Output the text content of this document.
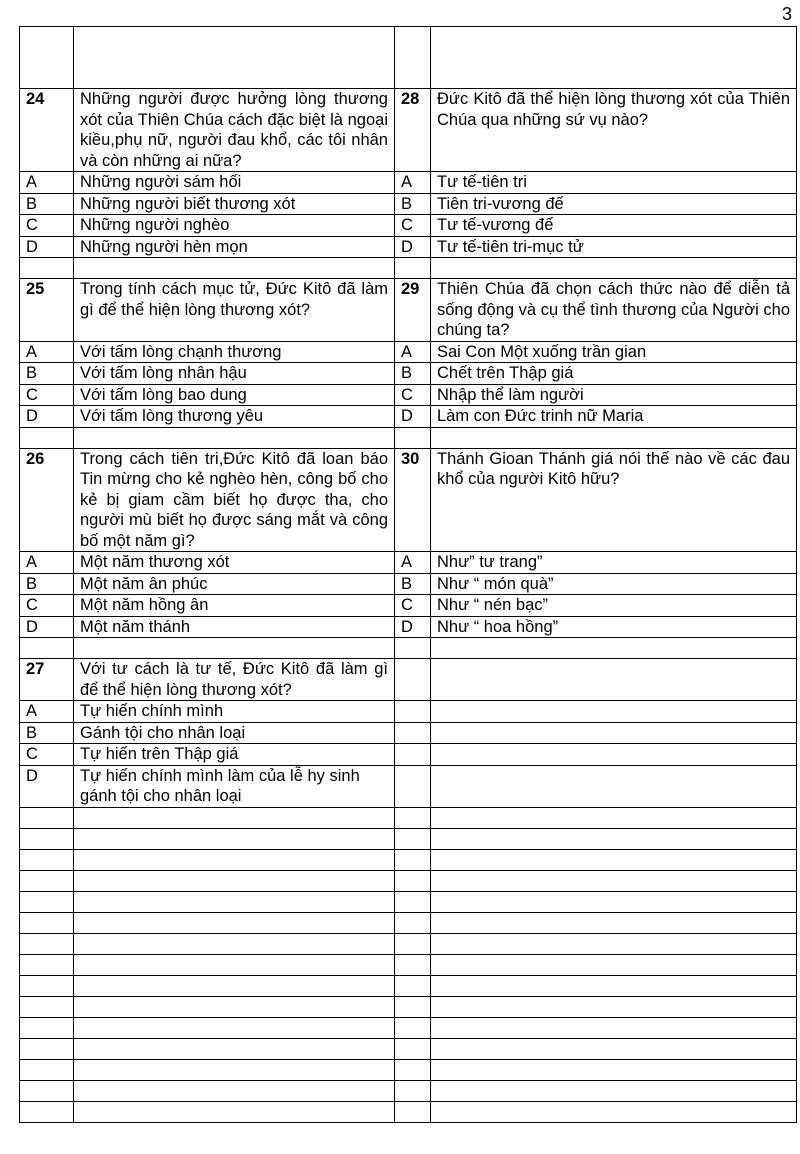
3

24	Những người được hưởng lòng thương xót của Thiên Chúa cách đặc biệt là ngoại kiều,phụ nữ, người đau khổ, các tôi nhân và còn những ai nữa?	28	Đức Kitô đã thể hiện lòng thương xót của Thiên Chúa qua những sứ vụ nào?
A	Những người sám hối	A	Tư tế-tiên tri
B	Những người biết thương xót	B	Tiên tri-vương đế
C	Những người nghèo	C	Tư tế-vương đế
D	Những người hèn mọn	D	Tư tế-tiên tri-mục tử

25	Trong tính cách mục tử, Đức Kitô đã làm gì để thể hiện lòng thương xót?	29	Thiên Chúa đã chọn cách thức nào để diễn tả sống động và cụ thể tình thương của Người cho chúng ta?
A	Với tấm lòng chạnh thương	A	Sai Con Một xuống trần gian
B	Với tấm lòng nhân hậu	B	Chết trên Thập giá
C	Với tấm lòng bao dung	C	Nhập thể làm người
D	Với tấm lòng thương yêu	D	Làm con Đức trinh nữ Maria

26	Trong cách tiên tri,Đức Kitô đã loan báo Tin mừng cho kẻ nghèo hèn, công bố cho kẻ bị giam cầm biết họ được tha, cho người mù biết họ được sáng mắt và công bố một năm gì?	30	Thánh Gioan Thánh giá nói thế nào về các đau khổ của người Kitô hữu?
A	Một năm thương xót	A	Như” tư trang”
B	Một năm ân phúc	B	Như “ món quà”
C	Một năm hồng ân	C	Như “ nén bạc”
D	Một năm thánh	D	Như “ hoa hồng”

27	Với tư cách là tư tế, Đức Kitô đã làm gì để thể hiện lòng thương xót?		
A	Tự hiến chính mình		
B	Gánh tội cho nhân loại		
C	Tự hiến trên Thập giá		
D	Tự hiến chính mình làm của lễ hy sinh gánh tội cho nhân loại		
